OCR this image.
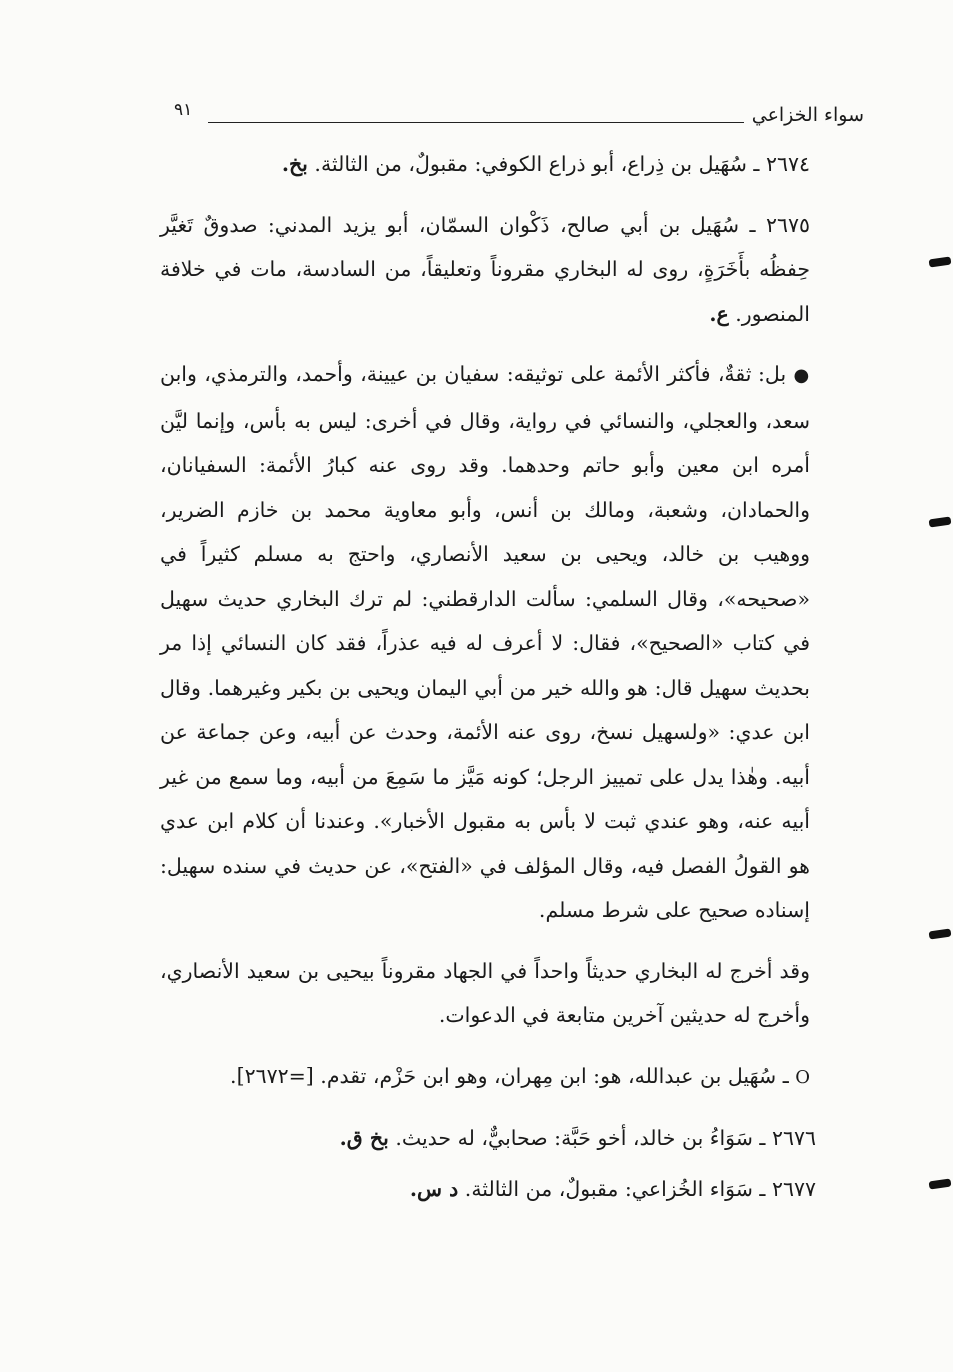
سواء الخزاعي
٩١

٢٦٧٤ ـ سُهَيل بن ذِراع، أبو ذراع الكوفي: مقبولٌ، من الثالثة. بخ.

٢٦٧٥ ـ سُهَيل بن أبي صالح، ذَكْوان السمّان، أبو يزيد المدني: صدوقٌ تَغيَّر حِفظُه بأَخَرَةٍ، روى له البخاري مقروناً وتعليقاً، من السادسة، مات في خلافة المنصور. ع.

● بل: ثقةٌ، فأكثر الأئمة على توثيقه: سفيان بن عيينة، وأحمد، والترمذي، وابن سعد، والعجلي، والنسائي في رواية، وقال في أخرى: ليس به بأس، وإنما ليَّن أمره ابن معين وأبو حاتم وحدهما. وقد روى عنه كبارُ الأئمة: السفيانان، والحمادان، وشعبة، ومالك بن أنس، وأبو معاوية محمد بن خازم الضرير، ووهيب بن خالد، ويحيى بن سعيد الأنصاري، واحتج به مسلم كثيراً في «صحيحه»، وقال السلمي: سألت الدارقطني: لم ترك البخاري حديث سهيل في كتاب «الصحيح»، فقال: لا أعرف له فيه عذراً، فقد كان النسائي إذا مر بحديث سهيل قال: هو والله خير من أبي اليمان ويحيى بن بكير وغيرهما. وقال ابن عدي: «ولسهيل نسخ، روى عنه الأئمة، وحدث عن أبيه، وعن جماعة عن أبيه. وهٰذا يدل على تمييز الرجل؛ كونه مَيَّز ما سَمِعَ من أبيه، وما سمع من غير أبيه عنه، وهو عندي ثبت لا بأس به مقبول الأخبار». وعندنا أن كلام ابن عدي هو القولُ الفصل فيه، وقال المؤلف في «الفتح»، عن حديث في سنده سهيل: إسناده صحيح على شرط مسلم.

وقد أخرج له البخاري حديثاً واحداً في الجهاد مقروناً بيحيى بن سعيد الأنصاري، وأخرج له حديثين آخرين متابعة في الدعوات.

O ـ سُهَيل بن عبدالله، هو: ابن مِهران، وهو ابن حَزْم، تقدم. [=٢٦٧٢].

٢٦٧٦ ـ سَوَاءُ بن خالد، أخو حَبَّة: صحابيٌّ، له حديث. بخ ق.

٢٦٧٧ ـ سَوَاء الخُزاعي: مقبولٌ، من الثالثة. د س.
